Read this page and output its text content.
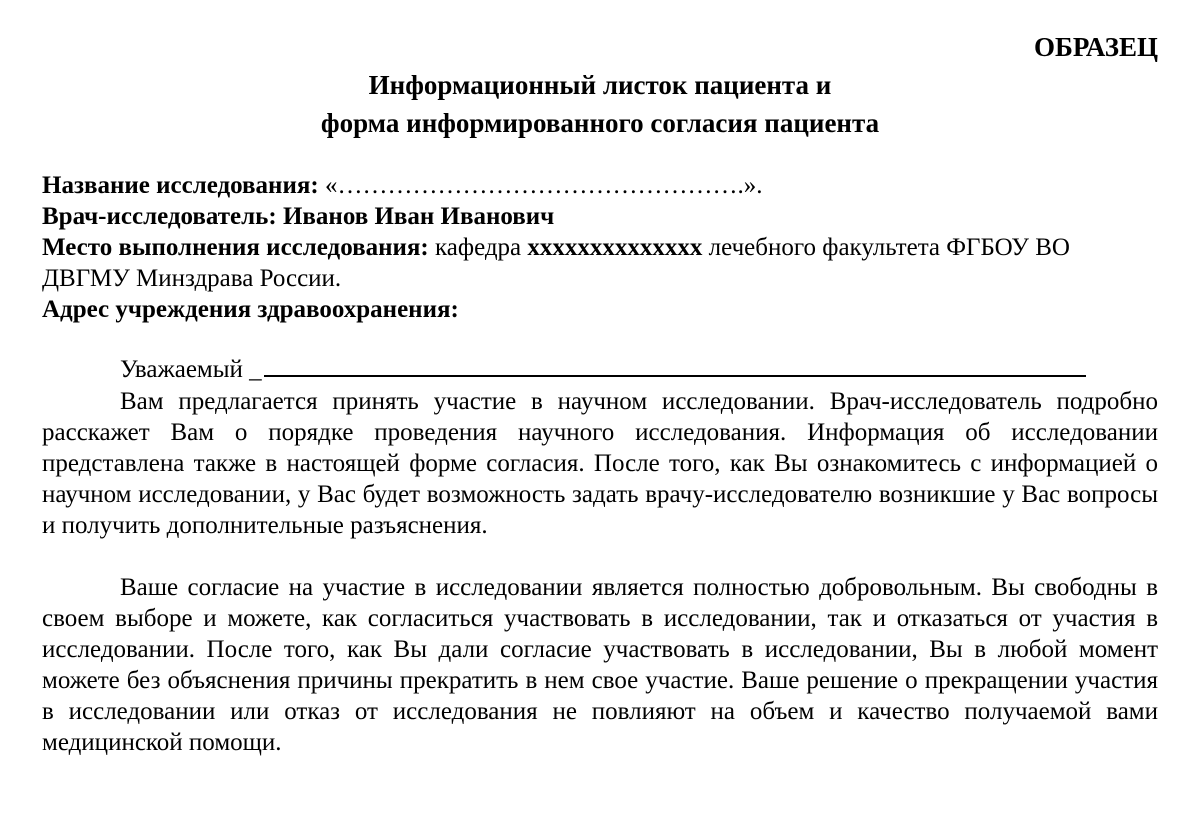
ОБРАЗЕЦ

Информационный листок пациента и
форма информированного согласия пациента

Название исследования: «………………………………………….».

Врач-исследователь: Иванов Иван Иванович

Место выполнения исследования: кафедра xxxxxxxxxxxxxx лечебного факультета ФГБОУ ВО ДВГМУ Минздрава России.

Адрес учреждения здравоохранения:

Уважаемый _

Вам предлагается принять участие в научном исследовании. Врач-исследователь подробно расскажет Вам о порядке проведения научного исследования. Информация об исследовании представлена также в настоящей форме согласия. После того, как Вы ознакомитесь с информацией о научном исследовании, у Вас будет возможность задать врачу-исследователю возникшие у Вас вопросы и получить дополнительные разъяснения.

Ваше согласие на участие в исследовании является полностью добровольным. Вы свободны в своем выборе и можете, как согласиться участвовать в исследовании, так и отказаться от участия в исследовании. После того, как Вы дали согласие участвовать в исследовании, Вы в любой момент можете без объяснения причины прекратить в нем свое участие. Ваше решение о прекращении участия в исследовании или отказ от исследования не повлияют на объем и качество получаемой вами медицинской помощи.
